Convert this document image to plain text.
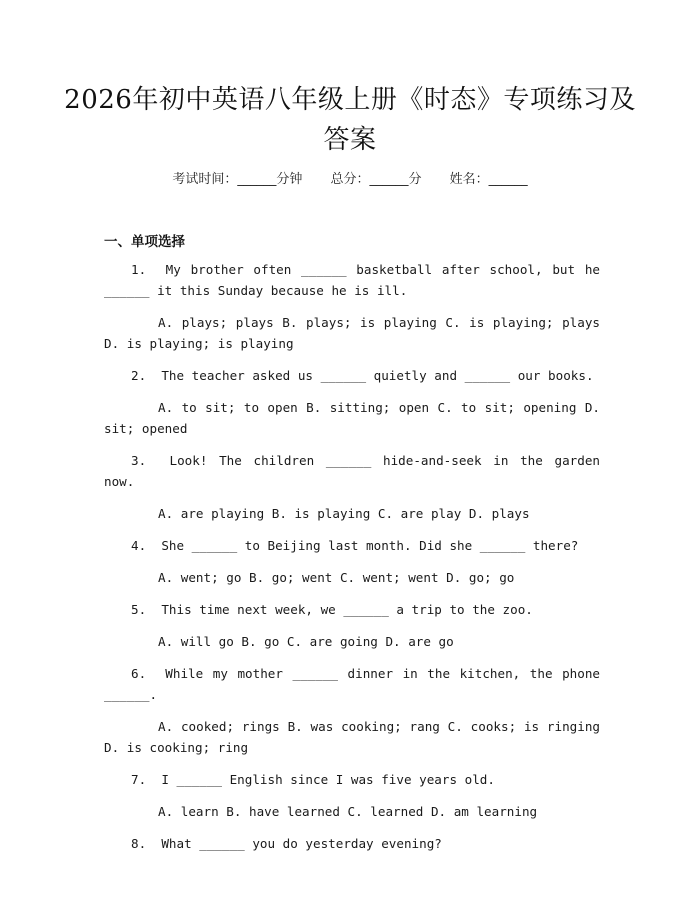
2026年初中英语八年级上册《时态》专项练习及答案
考试时间：______分钟 总分：______分 姓名：______
一、单项选择

1. My brother often ______ basketball after school, but he ______ it this Sunday because he is ill.

A. plays; plays B. plays; is playing C. is playing; plays D. is playing; is playing

2. The teacher asked us ______ quietly and ______ our books.

A. to sit; to open B. sitting; open C. to sit; opening D. sit; opened

3. Look! The children ______ hide-and-seek in the garden now.

A. are playing B. is playing C. are play D. plays

4. She ______ to Beijing last month. Did she ______ there?

A. went; go B. go; went C. went; went D. go; go

5. This time next week, we ______ a trip to the zoo.

A. will go B. go C. are going D. are go

6. While my mother ______ dinner in the kitchen, the phone ______.

A. cooked; rings B. was cooking; rang C. cooks; is ringing D. is cooking; ring

7. I ______ English since I was five years old.

A. learn B. have learned C. learned D. am learning

8. What ______ you do yesterday evening?
